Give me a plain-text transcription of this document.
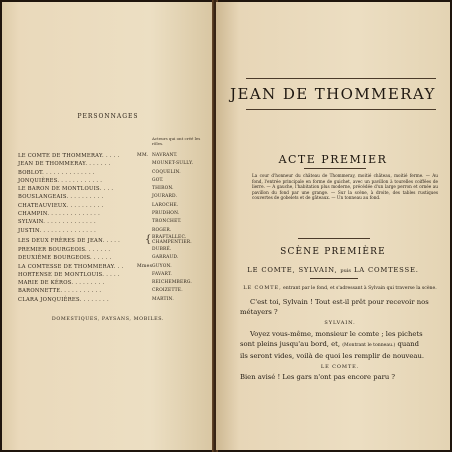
PERSONNAGES
Acteurs qui ont créé les rôles.
LE COMTE DE THOMMERAY. . . . .	MM. NAVRANT.
JEAN DE THOMMERAY. . . . . . .	MOUNET-SULLY.
BOBLOT. . . . . . . . . . . . . .	COQUELIN.
JONQUIÈRES. . . . . . . . . . . .	GOT.
LE BARON DE MONTLOUIS. . . .	THIRON.
BOUSLANGEAIS. . . . . . . . . .	JOURARD.
CHATEAUVIEUX. . . . . . . . . .	LAROCHE.
CHAMPIN. . . . . . . . . . . . . .	PRUDHON.
SYLVAIN. . . . . . . . . . . . . .	TRONCHET.
JUSTIN. . . . . . . . . . . . . . .	ROGER.
LES DEUX FRÈRES DE JEAN. . . . . { BRAFTALLEC.
CHAMPENTIER.
PREMIER BOURGEOIS. . . . . . .	DUBRÉ.
DEUXIÈME BOURGEOIS. . . . . .	GARRAUD.
LA COMTESSE DE THOMMERAY. . .	Mmes GUYON.
HORTENSE DE MONTLOUIS. . . . .	FAVART.
MARIE DE KÉROS. . . . . . . . .	REICHEMBERG.
BARONNETTE. . . . . . . . . . .	CROIZETTE.
CLARA JONQUIÈRES. . . . . . . .	MARTIN.
DOMESTIQUES, PAYSANS, MOBILES.
JEAN DE THOMMERAY
ACTE PREMIER
La cour d'honneur du château de Thommeray, moitié château, moitié ferme. — Au fond, l'entrée principale en forme de guichet, avec un pavillon à tourelles coiffées de lierre. — A gauche, l'habitation plus moderne, précédée d'un large perron et ornée au pavillon du fond par une grange. — Sur la scène, à droite, des tables rustiques couvertes de gobelets et de gâteaux. — Un tonneau au fond.
SCÈNE PREMIÈRE
LE COMTE, SYLVAIN, puis LA COMTESSE.
LE COMTE, entrant par le fond, et s'adressant à Sylvain qui traverse la scène.
C'est toi, Sylvain ! Tout est-il prêt pour recevoir nos
métayers ?
SYLVAIN.
Voyez vous-même, monsieur le comte ; les pichets
sont pleins jusqu'au bord, et, (Montrant le tonneau.) quand
ils seront vides, voilà de quoi les remplir de nouveau.
LE COMTE.
Bien avisé ! Les gars n'ont pas encore paru ?
